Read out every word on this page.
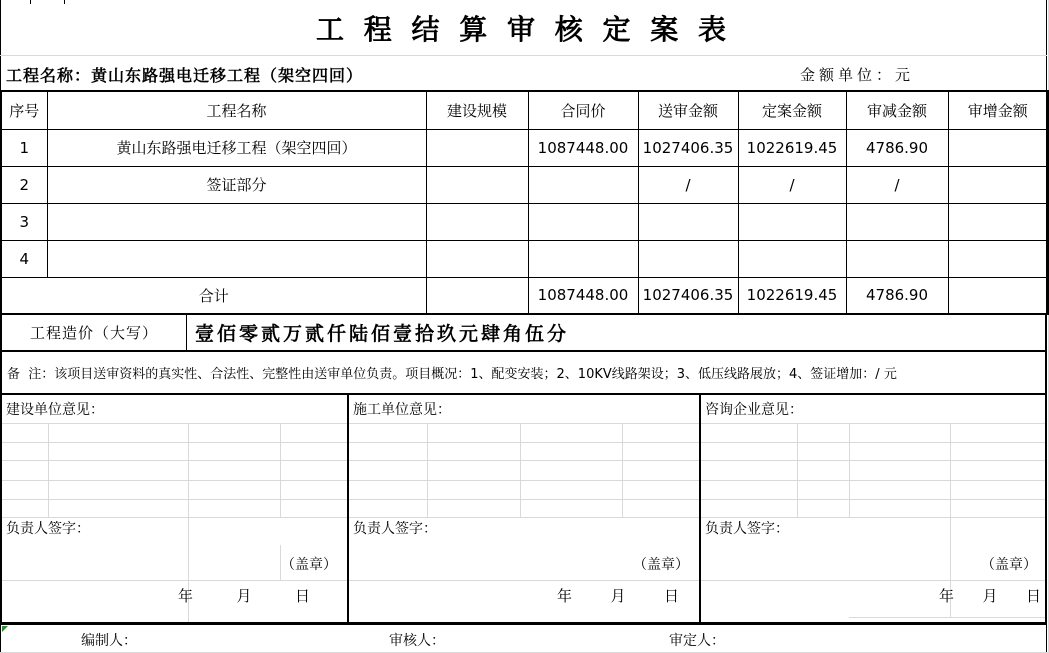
工 程 结 算 审 核 定 案 表
工程名称：黄山东路强电迁移工程（架空四回）	金额单位：元
序号	工程名称	建设规模	合同价	送审金额	定案金额	审减金额	审增金额
1	黄山东路强电迁移工程（架空四回）		1087448.00	1027406.35	1022619.45	4786.90	
2	签证部分			/	/	/	
3							
4							
合计			1087448.00	1027406.35	1022619.45	4786.90	
工程造价（大写）	壹佰零贰万贰仟陆佰壹拾玖元肆角伍分
备  注：该项目送审资料的真实性、合法性、完整性由送审单位负责。项目概况：1、配变安装；2、10KV线路架设；3、低压线路展放；4、签证增加：/ 元
建设单位意见：
负责人签字：
（盖章）
年	月	日
施工单位意见：
负责人签字：
（盖章）
年	月	日
咨询企业意见：
负责人签字：
（盖章）
年 月 日
编制人：	审核人：	审定人：
